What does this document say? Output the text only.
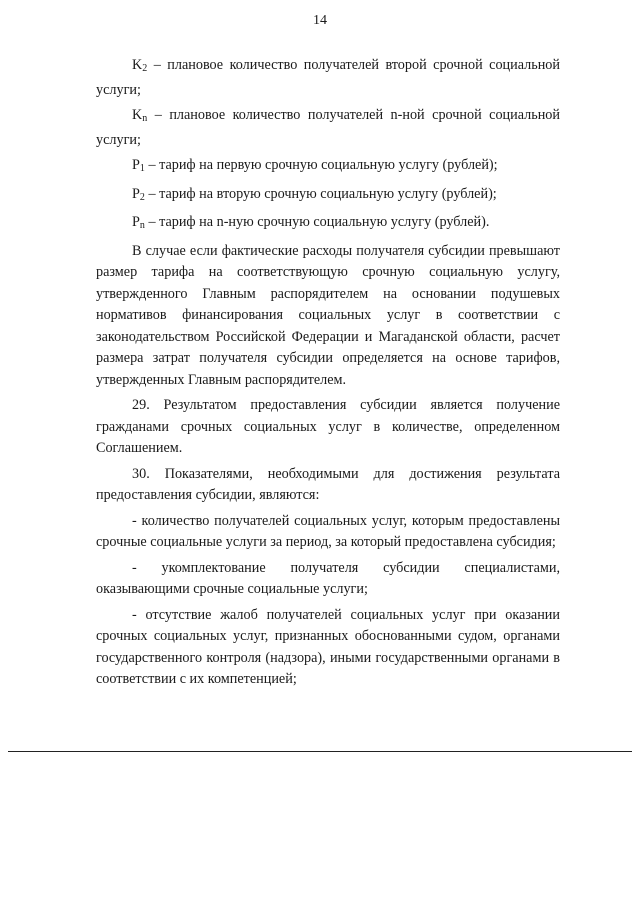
14

$K_2$ – плановое количество получателей второй срочной социальной услуги;

$K_n$ – плановое количество получателей n-ной срочной социальной услуги;

$P_1$ – тариф на первую срочную социальную услугу (рублей);

$P_2$ – тариф на вторую срочную социальную услугу (рублей);

$P_n$ – тариф на n-ную срочную социальную услугу (рублей).

В случае если фактические расходы получателя субсидии превышают размер тарифа на соответствующую срочную социальную услугу, утвержденного Главным распорядителем на основании подушевых нормативов финансирования социальных услуг в соответствии с законодательством Российской Федерации и Магаданской области, расчет размера затрат получателя субсидии определяется на основе тарифов, утвержденных Главным распорядителем.

29. Результатом предоставления субсидии является получение гражданами срочных социальных услуг в количестве, определенном Соглашением.

30. Показателями, необходимыми для достижения результата предоставления субсидии, являются:

- количество получателей социальных услуг, которым предоставлены срочные социальные услуги за период, за который предоставлена субсидия;

- укомплектование получателя субсидии специалистами, оказывающими срочные социальные услуги;

- отсутствие жалоб получателей социальных услуг при оказании срочных социальных услуг, признанных обоснованными судом, органами государственного контроля (надзора), иными государственными органами в соответствии с их компетенцией;
